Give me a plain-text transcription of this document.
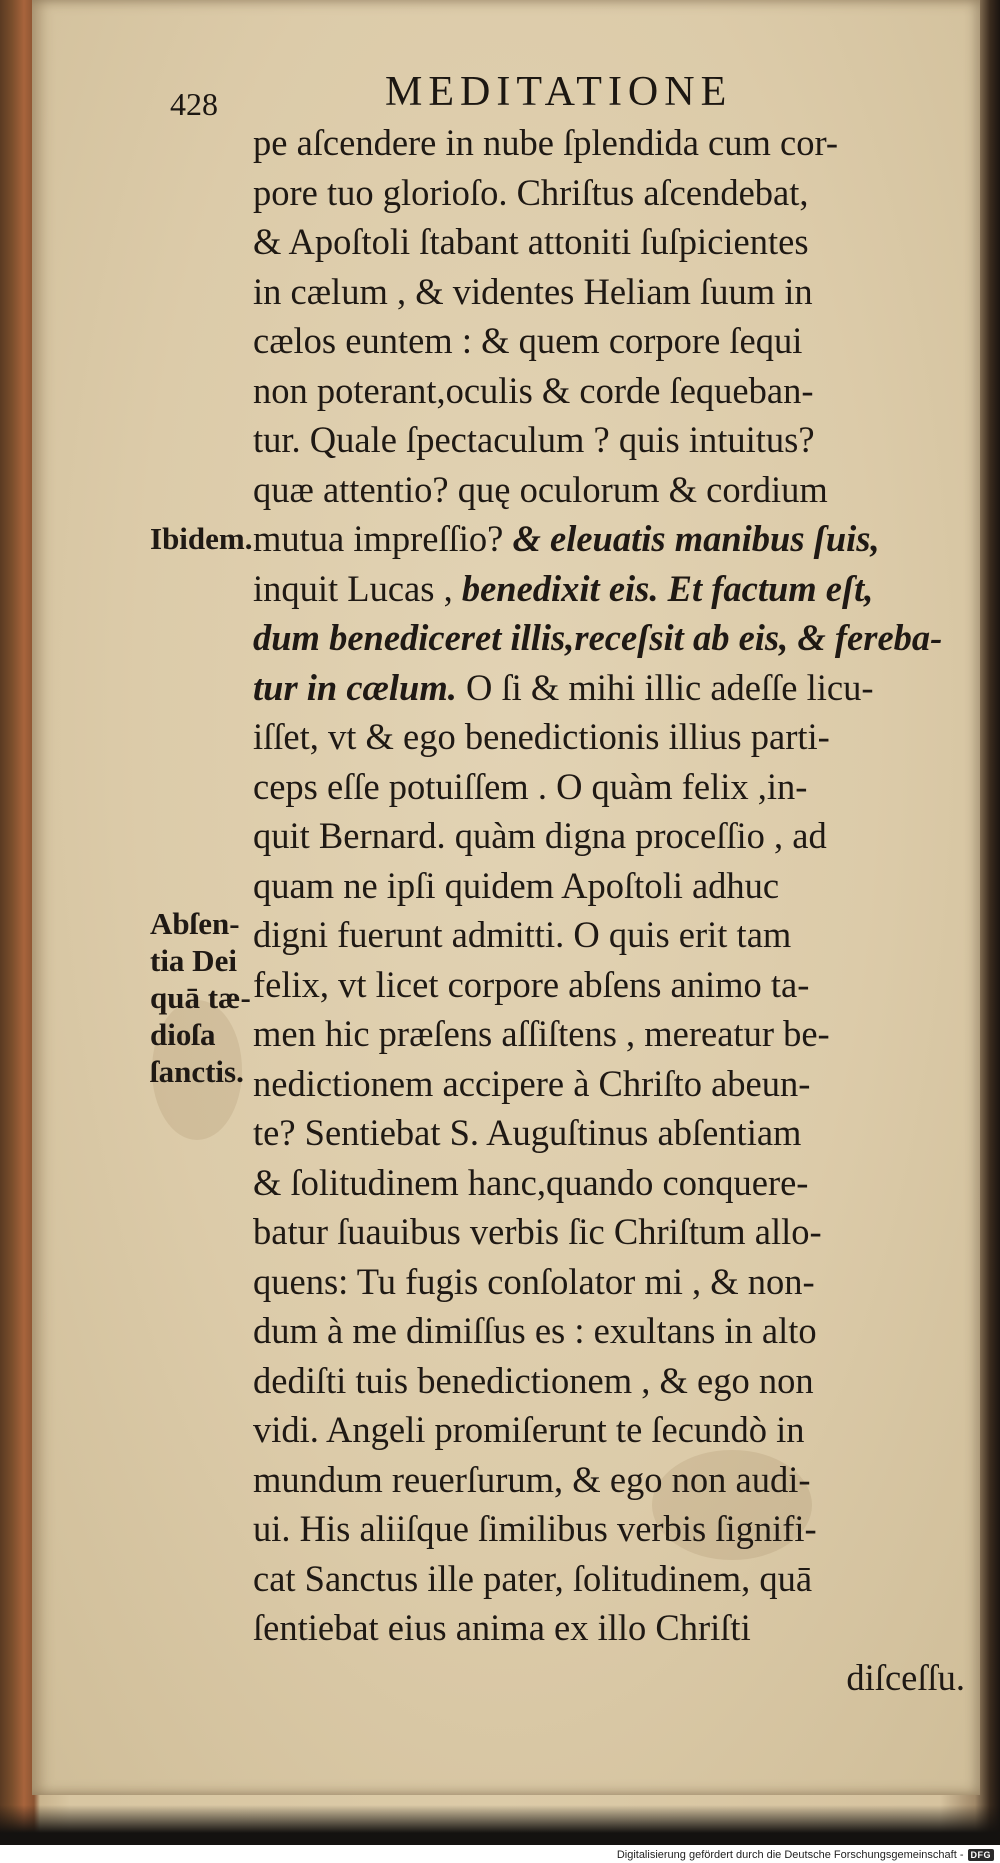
428	MEDITATIONE
Ibidem.
Abſen-
tia Dei
quā tæ-
dioſa
ſanctis.
pe aſcendere in nube ſplendida cum cor-
pore tuo glorioſo. Chriſtus aſcendebat,
& Apoſtoli ſtabant attoniti ſuſpicientes
in cælum , & videntes Heliam ſuum in
cælos euntem : & quem corpore ſequi
non poterant,oculis & corde ſequeban-
tur. Quale ſpectaculum ? quis intuitus?
quæ attentio? quę oculorum & cordium
mutua impreſſio? & eleuatis manibus ſuis,
inquit Lucas , benedixit eis. Et factum eſt,
dum benediceret illis,receſsit ab eis, & fereba-
tur in cælum. O ſi & mihi illic adeſſe licu-
iſſet, vt & ego benedictionis illius parti-
ceps eſſe potuiſſem . O quàm felix ,in-
quit Bernard. quàm digna proceſſio , ad
quam ne ipſi quidem Apoſtoli adhuc
digni fuerunt admitti. O quis erit tam
felix, vt licet corpore abſens animo ta-
men hic præſens aſſiſtens , mereatur be-
nedictionem accipere à Chriſto abeun-
te? Sentiebat S. Auguſtinus abſentiam
& ſolitudinem hanc,quando conquere-
batur ſuauibus verbis ſic Chriſtum allo-
quens: Tu fugis conſolator mi , & non-
dum à me dimiſſus es : exultans in alto
dediſti tuis benedictionem , & ego non
vidi. Angeli promiſerunt te ſecundò in
mundum reuerſurum, & ego non audi-
ui. His aliiſque ſimilibus verbis ſignifi-
cat Sanctus ille pater, ſolitudinem, quā
ſentiebat eius anima ex illo Chriſti
diſceſſu.
Digitalisierung gefördert durch die Deutsche Forschungsgemeinschaft - DFG
